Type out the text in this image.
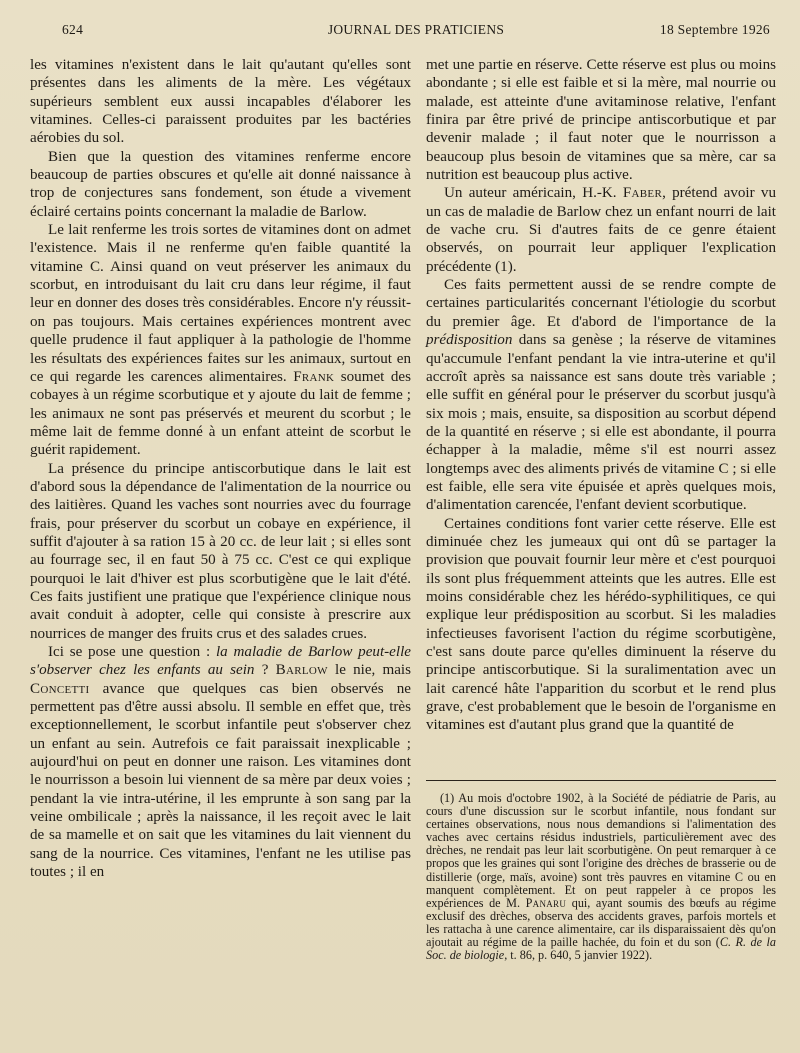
624	JOURNAL DES PRATICIENS	18 Septembre 1926

les vitamines n'existent dans le lait qu'autant qu'elles sont présentes dans les aliments de la mère. Les végétaux supérieurs semblent eux aussi incapables d'élaborer les vitamines. Celles-ci paraissent produites par les bactéries aérobies du sol.

Bien que la question des vitamines renferme encore beaucoup de parties obscures et qu'elle ait donné naissance à trop de conjectures sans fondement, son étude a vivement éclairé certains points concernant la maladie de Barlow.

Le lait renferme les trois sortes de vitamines dont on admet l'existence. Mais il ne renferme qu'en faible quantité la vitamine C. Ainsi quand on veut préserver les animaux du scorbut, en introduisant du lait cru dans leur régime, il faut leur en donner des doses très considérables. Encore n'y réussit-on pas toujours. Mais certaines expériences montrent avec quelle prudence il faut appliquer à la pathologie de l'homme les résultats des expériences faites sur les animaux, surtout en ce qui regarde les carences alimentaires. Frank soumet des cobayes à un régime scorbutique et y ajoute du lait de femme ; les animaux ne sont pas préservés et meurent du scorbut ; le même lait de femme donné à un enfant atteint de scorbut le guérit rapidement.

La présence du principe antiscorbutique dans le lait est d'abord sous la dépendance de l'alimentation de la nourrice ou des laitières. Quand les vaches sont nourries avec du fourrage frais, pour préserver du scorbut un cobaye en expérience, il suffit d'ajouter à sa ration 15 à 20 cc. de leur lait ; si elles sont au fourrage sec, il en faut 50 à 75 cc. C'est ce qui explique pourquoi le lait d'hiver est plus scorbutigène que le lait d'été. Ces faits justifient une pratique que l'expérience clinique nous avait conduit à adopter, celle qui consiste à prescrire aux nourrices de manger des fruits crus et des salades crues.

Ici se pose une question : la maladie de Barlow peut-elle s'observer chez les enfants au sein ? Barlow le nie, mais Concetti avance que quelques cas bien observés ne permettent pas d'être aussi absolu. Il semble en effet que, très exceptionnellement, le scorbut infantile peut s'observer chez un enfant au sein. Autrefois ce fait paraissait inexplicable ; aujourd'hui on peut en donner une raison. Les vitamines dont le nourrisson a besoin lui viennent de sa mère par deux voies ; pendant la vie intra-utérine, il les emprunte à son sang par la veine ombilicale ; après la naissance, il les reçoit avec le lait de sa mamelle et on sait que les vitamines du lait viennent du sang de la nourrice. Ces vitamines, l'enfant ne les utilise pas toutes ; il en

met une partie en réserve. Cette réserve est plus ou moins abondante ; si elle est faible et si la mère, mal nourrie ou malade, est atteinte d'une avitaminose relative, l'enfant finira par être privé de principe antiscorbutique et par devenir malade ; il faut noter que le nourrisson a beaucoup plus besoin de vitamines que sa mère, car sa nutrition est beaucoup plus active.

Un auteur américain, H.-K. Faber, prétend avoir vu un cas de maladie de Barlow chez un enfant nourri de lait de vache cru. Si d'autres faits de ce genre étaient observés, on pourrait leur appliquer l'explication précédente (1).

Ces faits permettent aussi de se rendre compte de certaines particularités concernant l'étiologie du scorbut du premier âge. Et d'abord de l'importance de la prédisposition dans sa genèse ; la réserve de vitamines qu'accumule l'enfant pendant la vie intra-uterine et qu'il accroît après sa naissance est sans doute très variable ; elle suffit en général pour le préserver du scorbut jusqu'à six mois ; mais, ensuite, sa disposition au scorbut dépend de la quantité en réserve ; si elle est abondante, il pourra échapper à la maladie, même s'il est nourri assez longtemps avec des aliments privés de vitamine C ; si elle est faible, elle sera vite épuisée et après quelques mois, d'alimentation carencée, l'enfant devient scorbutique.

Certaines conditions font varier cette réserve. Elle est diminuée chez les jumeaux qui ont dû se partager la provision que pouvait fournir leur mère et c'est pourquoi ils sont plus fréquemment atteints que les autres. Elle est moins considérable chez les hérédo-syphilitiques, ce qui explique leur prédisposition au scorbut. Si les maladies infectieuses favorisent l'action du régime scorbutigène, c'est sans doute parce qu'elles diminuent la réserve du principe antiscorbutique. Si la suralimentation avec un lait carencé hâte l'apparition du scorbut et le rend plus grave, c'est probablement que le besoin de l'organisme en vitamines est d'autant plus grand que la quantité de

(1) Au mois d'octobre 1902, à la Société de pédiatrie de Paris, au cours d'une discussion sur le scorbut infantile, nous fondant sur certaines observations, nous nous demandions si l'alimentation des vaches avec certains résidus industriels, particulièrement avec des drèches, ne rendait pas leur lait scorbutigène. On peut remarquer à ce propos que les graines qui sont l'origine des drèches de brasserie ou de distillerie (orge, maïs, avoine) sont très pauvres en vitamine C ou en manquent complètement. Et on peut rappeler à ce propos les expériences de M. Panaru qui, ayant soumis des bœufs au régime exclusif des drèches, observa des accidents graves, parfois mortels et les rattacha à une carence alimentaire, car ils disparaissaient dès qu'on ajoutait au régime de la paille hachée, du foin et du son (C. R. de la Soc. de biologie, t. 86, p. 640, 5 janvier 1922).
